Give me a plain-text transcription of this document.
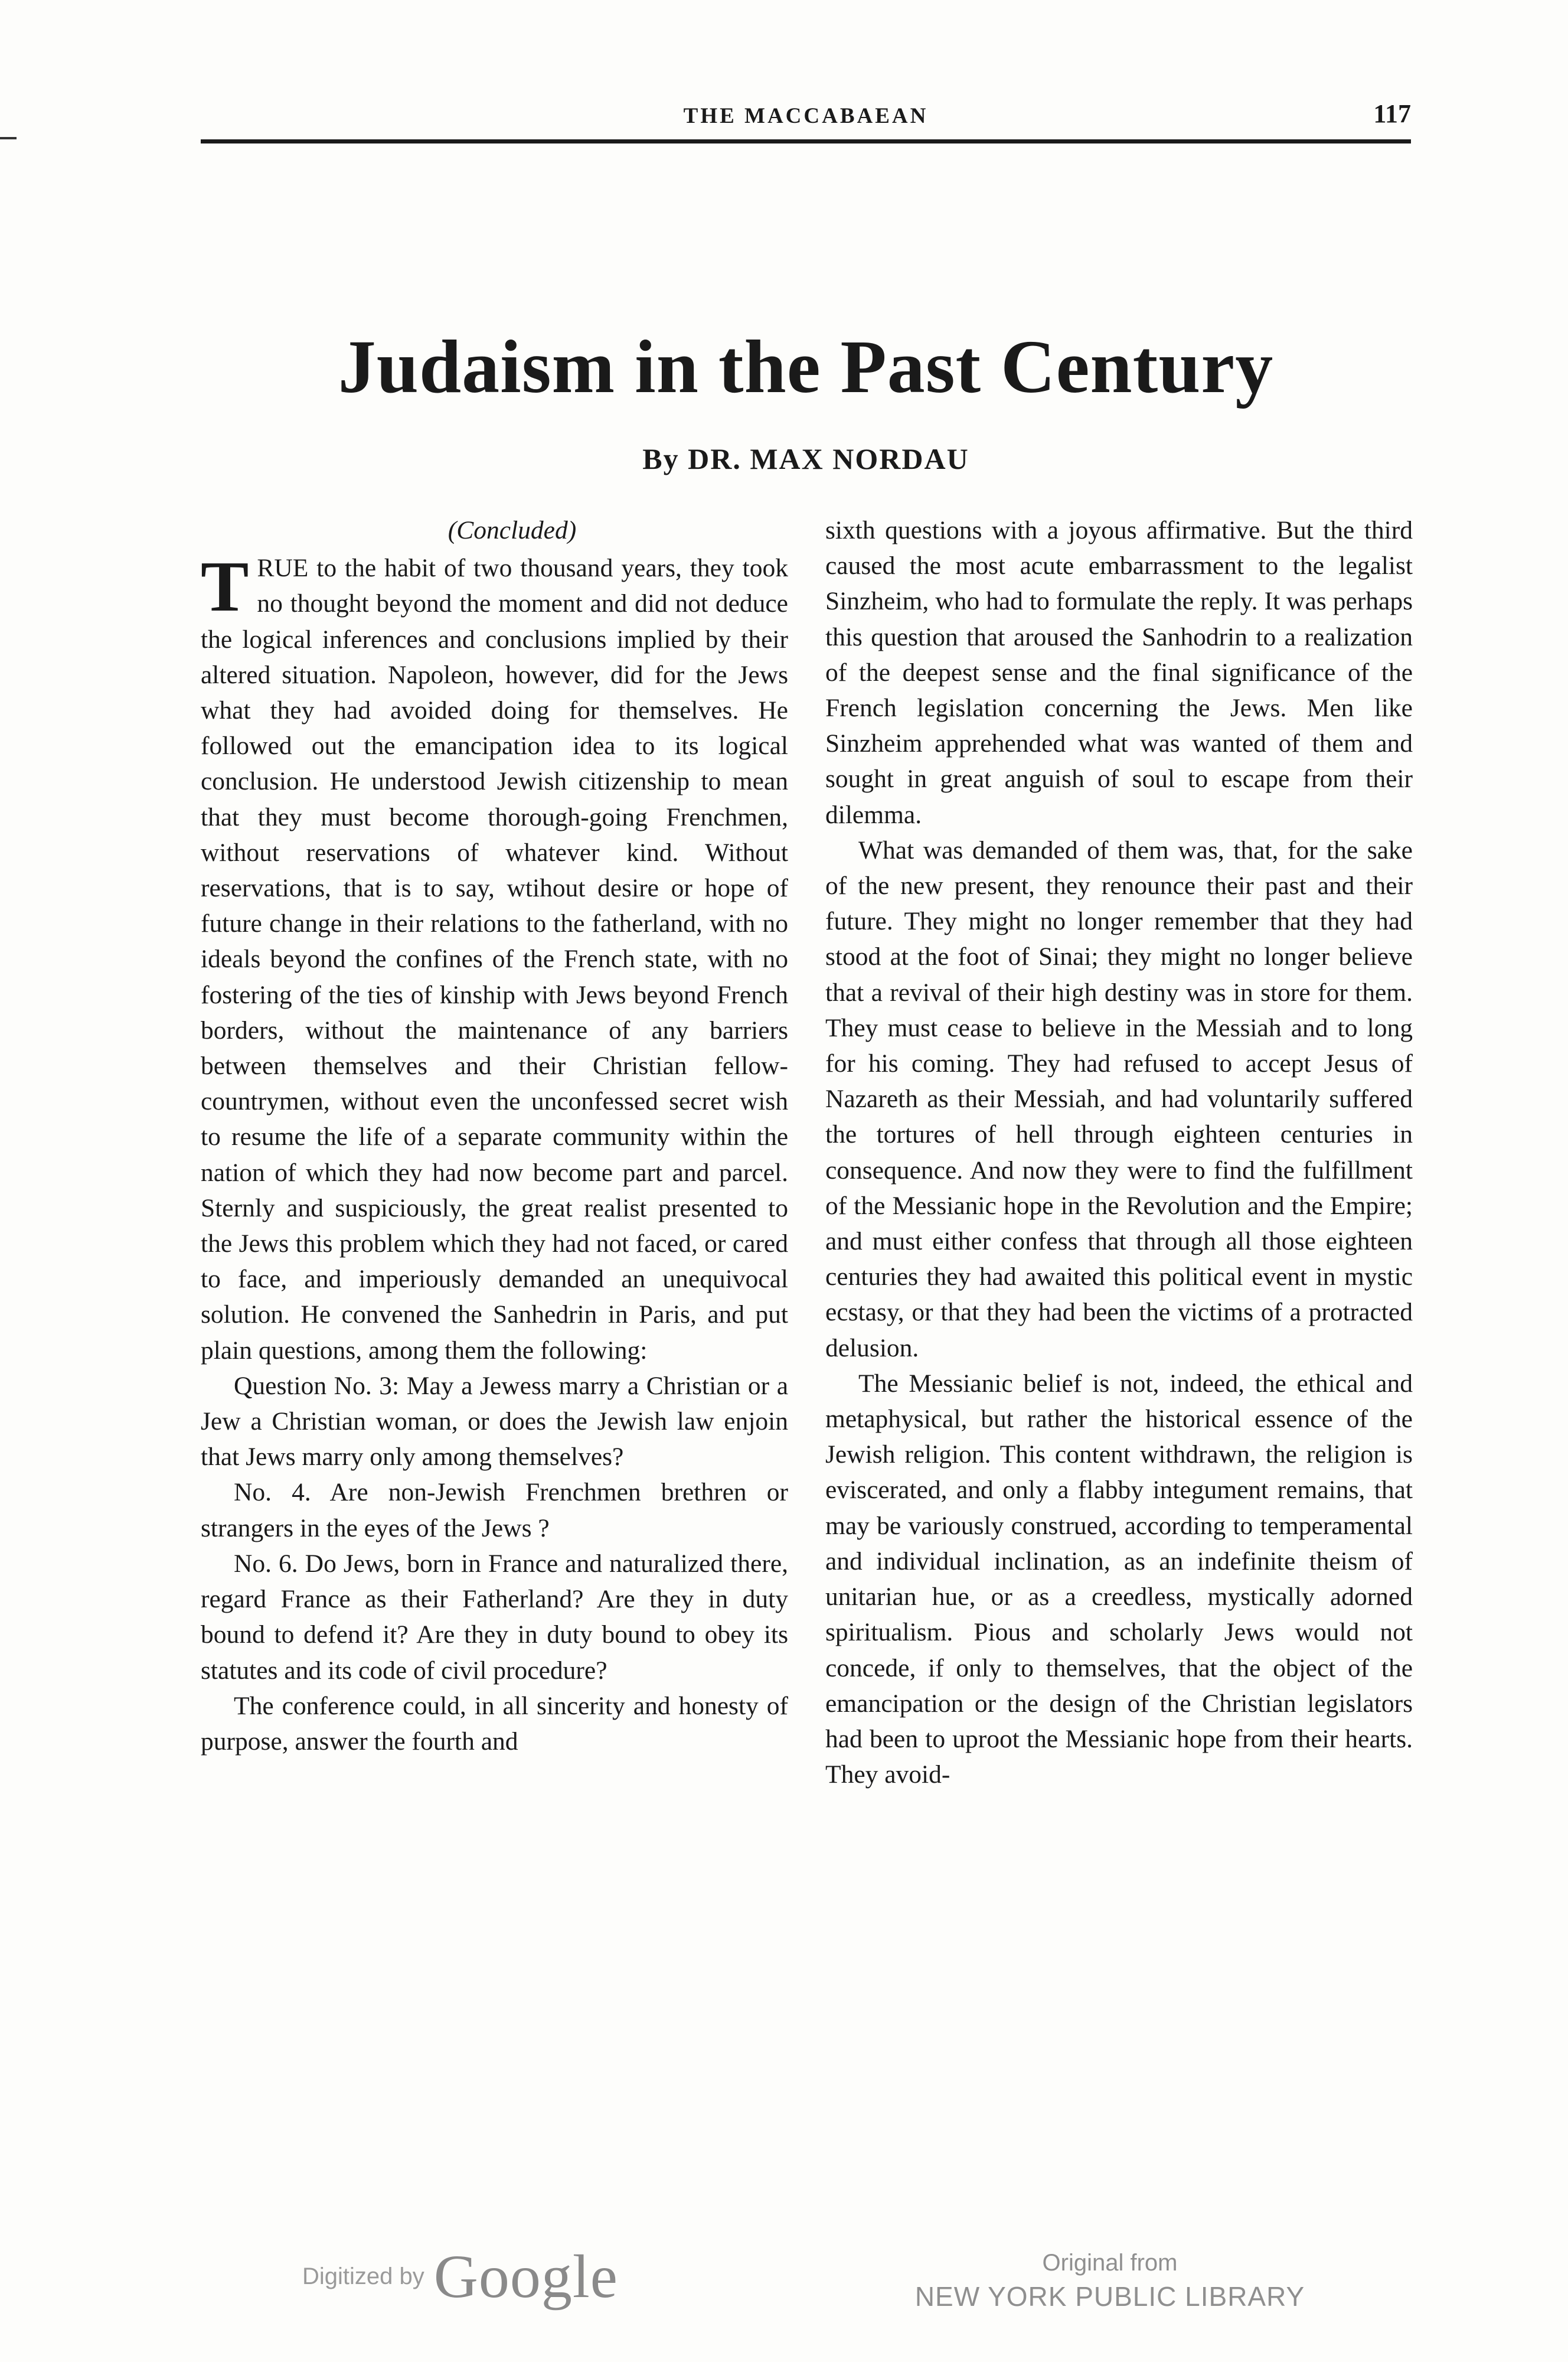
THE MACCABAEAN	117
Judaism in the Past Century
By DR. MAX NORDAU
(Concluded)

TRUE to the habit of two thousand years, they took no thought beyond the moment and did not deduce the logical inferences and conclusions implied by their altered situation. Napoleon, however, did for the Jews what they had avoided doing for themselves. He followed out the emancipation idea to its logical conclusion. He understood Jewish citizenship to mean that they must become thorough-going Frenchmen, without reservations of whatever kind. Without reservations, that is to say, wtihout desire or hope of future change in their relations to the fatherland, with no ideals beyond the confines of the French state, with no fostering of the ties of kinship with Jews beyond French borders, without the maintenance of any barriers between themselves and their Christian fellow-countrymen, without even the unconfessed secret wish to resume the life of a separate community within the nation of which they had now become part and parcel. Sternly and suspiciously, the great realist presented to the Jews this problem which they had not faced, or cared to face, and imperiously demanded an unequivocal solution. He convened the Sanhedrin in Paris, and put plain questions, among them the following:

Question No. 3: May a Jewess marry a Christian or a Jew a Christian woman, or does the Jewish law enjoin that Jews marry only among themselves?

No. 4. Are non-Jewish Frenchmen brethren or strangers in the eyes of the Jews ?

No. 6. Do Jews, born in France and naturalized there, regard France as their Fatherland? Are they in duty bound to defend it? Are they in duty bound to obey its statutes and its code of civil procedure?

The conference could, in all sincerity and honesty of purpose, answer the fourth and

sixth questions with a joyous affirmative. But the third caused the most acute embarrassment to the legalist Sinzheim, who had to formulate the reply. It was perhaps this question that aroused the Sanhodrin to a realization of the deepest sense and the final significance of the French legislation concerning the Jews. Men like Sinzheim apprehended what was wanted of them and sought in great anguish of soul to escape from their dilemma.

What was demanded of them was, that, for the sake of the new present, they renounce their past and their future. They might no longer remember that they had stood at the foot of Sinai; they might no longer believe that a revival of their high destiny was in store for them. They must cease to believe in the Messiah and to long for his coming. They had refused to accept Jesus of Nazareth as their Messiah, and had voluntarily suffered the tortures of hell through eighteen centuries in consequence. And now they were to find the fulfillment of the Messianic hope in the Revolution and the Empire; and must either confess that through all those eighteen centuries they had awaited this political event in mystic ecstasy, or that they had been the victims of a protracted delusion.

The Messianic belief is not, indeed, the ethical and metaphysical, but rather the historical essence of the Jewish religion. This content withdrawn, the religion is eviscerated, and only a flabby integument remains, that may be variously construed, according to temperamental and individual inclination, as an indefinite theism of unitarian hue, or as a creedless, mystically adorned spiritualism. Pious and scholarly Jews would not concede, if only to themselves, that the object of the emancipation or the design of the Christian legislators had been to uproot the Messianic hope from their hearts. They avoid-

Digitized by Google	Original from
NEW YORK PUBLIC LIBRARY
